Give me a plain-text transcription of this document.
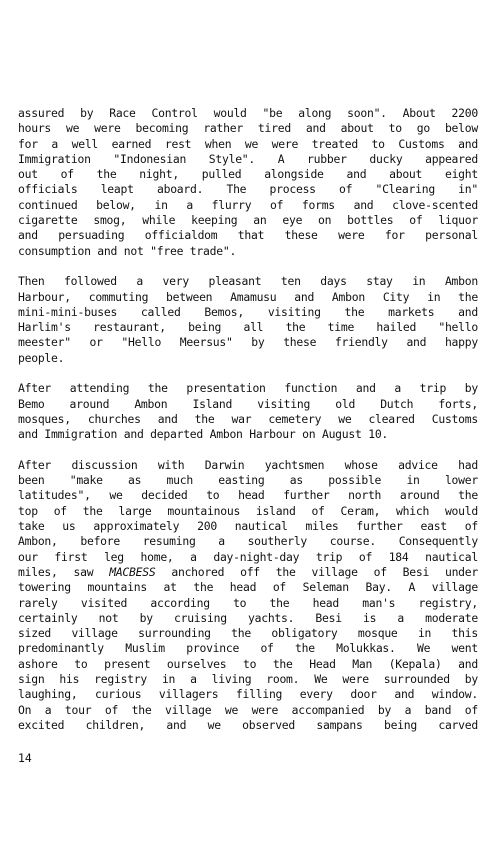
assured by Race Control would "be along soon". About 2200
hours we were becoming rather tired and about to go below
for a well earned rest when we were treated to Customs and
Immigration "Indonesian Style". A rubber ducky appeared
out of the night, pulled alongside and about eight
officials leapt aboard. The process of "Clearing in"
continued below, in a flurry of forms and clove-scented
cigarette smog, while keeping an eye on bottles of liquor
and persuading officialdom that these were for personal
consumption and not "free trade".
Then followed a very pleasant ten days stay in Ambon
Harbour, commuting between Amamusu and Ambon City in the
mini-mini-buses called Bemos, visiting the markets and
Harlim's restaurant, being all the time hailed "hello
meester" or "Hello Meersus" by these friendly and happy
people.
After attending the presentation function and a trip by
Bemo around Ambon Island visiting old Dutch forts,
mosques, churches and the war cemetery we cleared Customs
and Immigration and departed Ambon Harbour on August 10.
After discussion with Darwin yachtsmen whose advice had
been "make as much easting as possible in lower
latitudes", we decided to head further north around the
top of the large mountainous island of Ceram, which would
take us approximately 200 nautical miles further east of
Ambon, before resuming a southerly course. Consequently
our first leg home, a day-night-day trip of 184 nautical
miles, saw MACBESS anchored off the village of Besi under
towering mountains at the head of Seleman Bay. A village
rarely visited according to the head man's registry,
certainly not by cruising yachts. Besi is a moderate
sized village surrounding the obligatory mosque in this
predominantly Muslim province of the Molukkas. We went
ashore to present ourselves to the Head Man (Kepala) and
sign his registry in a living room. We were surrounded by
laughing, curious villagers filling every door and window.
On a tour of the village we were accompanied by a band of
excited children, and we observed sampans being carved
14
